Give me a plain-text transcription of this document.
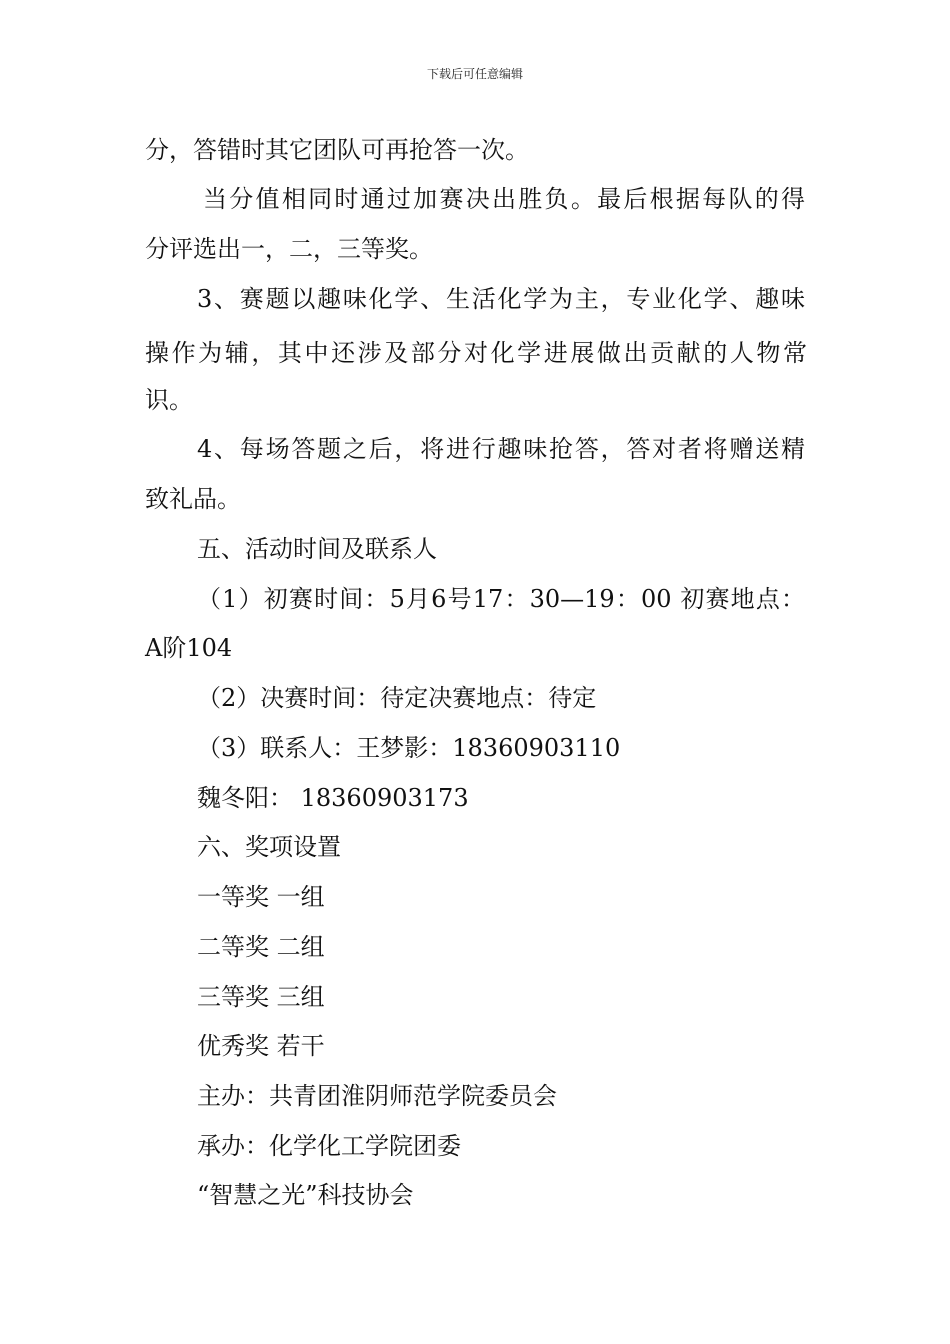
下载后可任意编辑
分，答错时其它团队可再抢答一次。
当分值相同时通过加赛决出胜负。最后根据每队的得
分评选出一，二，三等奖。
3、赛题以趣味化学、生活化学为主，专业化学、趣味
操作为辅，其中还涉及部分对化学进展做出贡献的人物常
识。
4、每场答题之后，将进行趣味抢答，答对者将赠送精
致礼品。
五、活动时间及联系人
（1）初赛时间：5月6号17：30—19：00 初赛地点：
A阶104
（2）决赛时间：待定决赛地点：待定
（3）联系人：王梦影：18360903110
魏冬阳： 18360903173
六、奖项设置
一等奖 一组
二等奖 二组
三等奖 三组
优秀奖 若干
主办：共青团淮阴师范学院委员会
承办：化学化工学院团委
“智慧之光”科技协会
